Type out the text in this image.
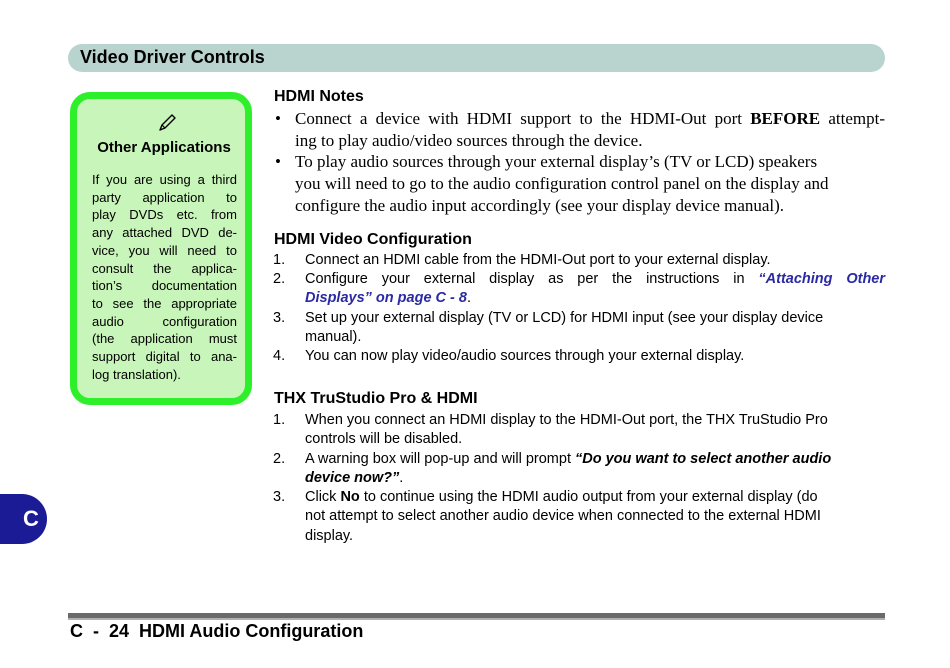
Video Driver Controls
Other Applications
If you are using a third
party application to
play DVDs etc. from
any attached DVD de-
vice, you will need to
consult the applica-
tion’s documentation
to see the appropriate
audio configuration
(the application must
support digital to ana-
log translation).
HDMI Notes
• Connect a device with HDMI support to the HDMI-Out port BEFORE attempt-
ing to play audio/video sources through the device.
• To play audio sources through your external display’s (TV or LCD) speakers
you will need to go to the audio configuration control panel on the display and
configure the audio input accordingly (see your display device manual).
HDMI Video Configuration
1. Connect an HDMI cable from the HDMI-Out port to your external display.
2. Configure your external display as per the instructions in “Attaching Other
Displays” on page C - 8.
3. Set up your external display (TV or LCD) for HDMI input (see your display device
manual).
4. You can now play video/audio sources through your external display.
THX TruStudio Pro & HDMI
1. When you connect an HDMI display to the HDMI-Out port, the THX TruStudio Pro
controls will be disabled.
2. A warning box will pop-up and will prompt “Do you want to select another audio
device now?”.
3. Click No to continue using the HDMI audio output from your external display (do
not attempt to select another audio device when connected to the external HDMI
display.
C
C  -  24  HDMI Audio Configuration
